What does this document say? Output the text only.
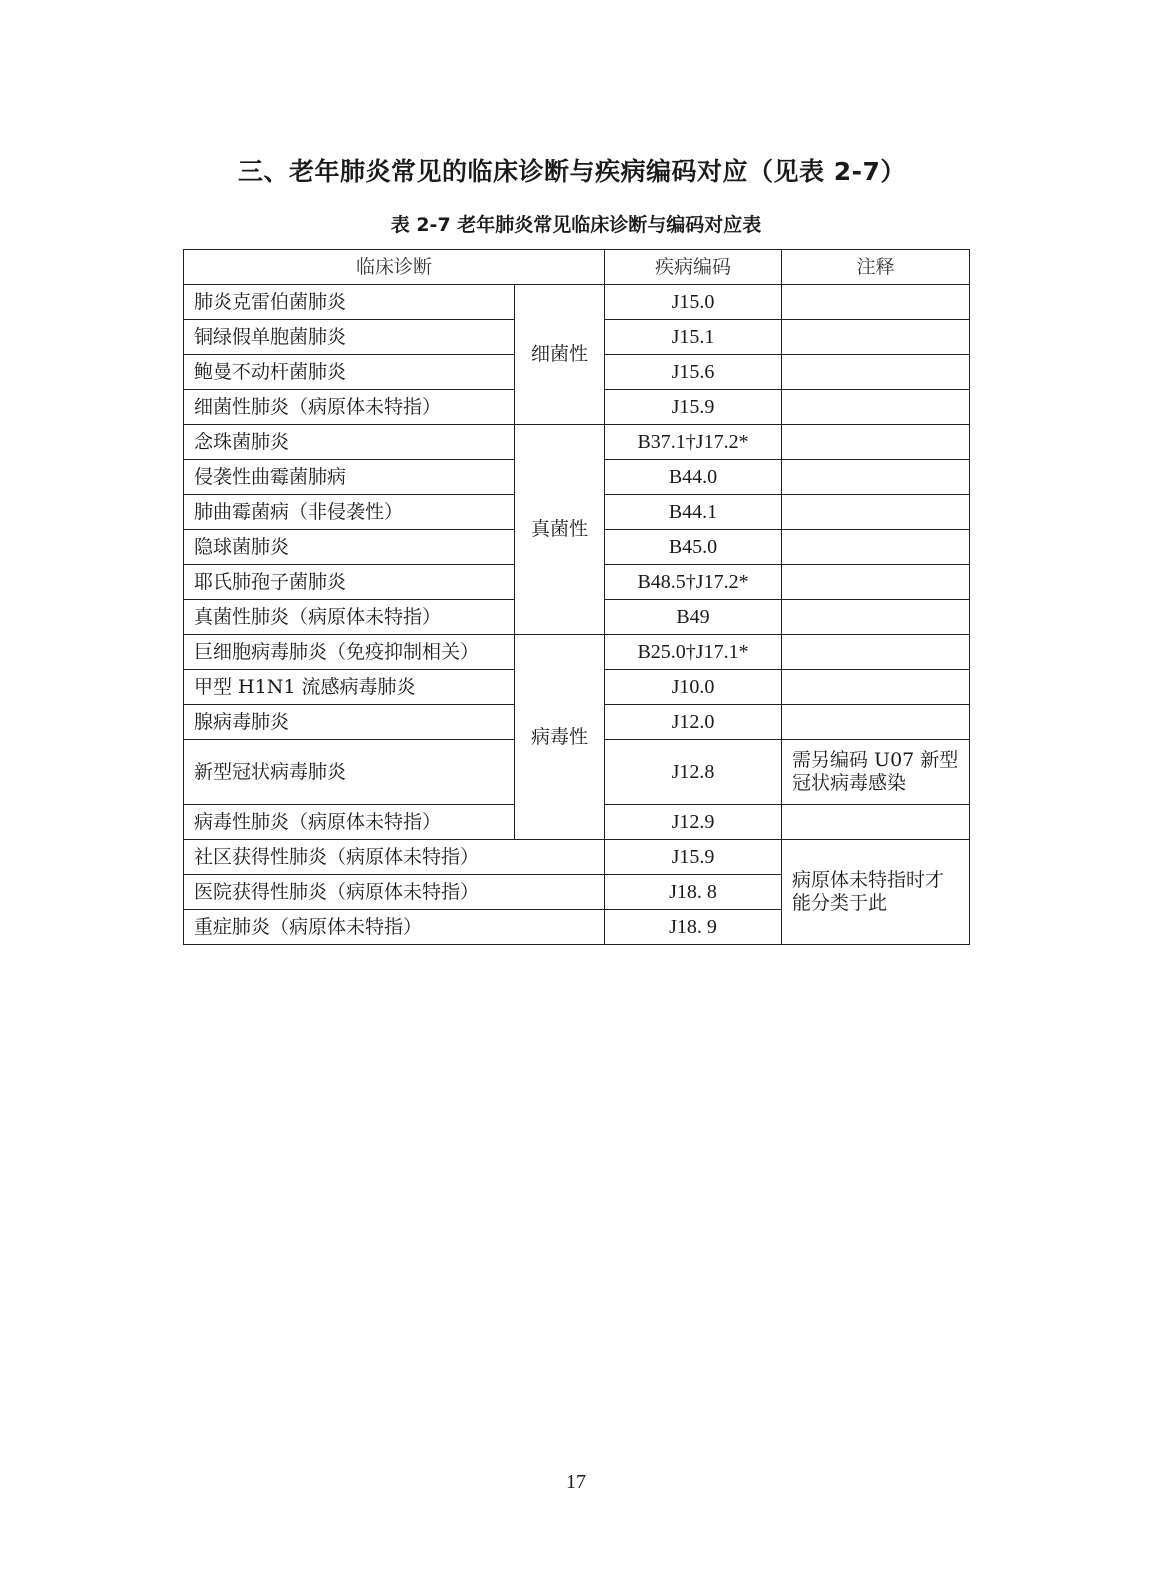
三、老年肺炎常见的临床诊断与疾病编码对应（见表 2-7）
表 2-7 老年肺炎常见临床诊断与编码对应表
临床诊断		疾病编码	注释
肺炎克雷伯菌肺炎	细菌性	J15.0	
铜绿假单胞菌肺炎		J15.1	
鲍曼不动杆菌肺炎		J15.6	
细菌性肺炎（病原体未特指）		J15.9	
念珠菌肺炎	真菌性	B37.1†J17.2*	
侵袭性曲霉菌肺病		B44.0	
肺曲霉菌病（非侵袭性）		B44.1	
隐球菌肺炎		B45.0	
耶氏肺孢子菌肺炎		B48.5†J17.2*	
真菌性肺炎（病原体未特指）		B49	
巨细胞病毒肺炎（免疫抑制相关）	病毒性	B25.0†J17.1*	
甲型 H1N1 流感病毒肺炎		J10.0	
腺病毒肺炎		J12.0	
新型冠状病毒肺炎		J12.8	需另编码 U07 新型冠状病毒感染
病毒性肺炎（病原体未特指）		J12.9	
社区获得性肺炎（病原体未特指）		J15.9	病原体未特指时才能分类于此
医院获得性肺炎（病原体未特指）		J18. 8	
重症肺炎（病原体未特指）		J18. 9	
17
